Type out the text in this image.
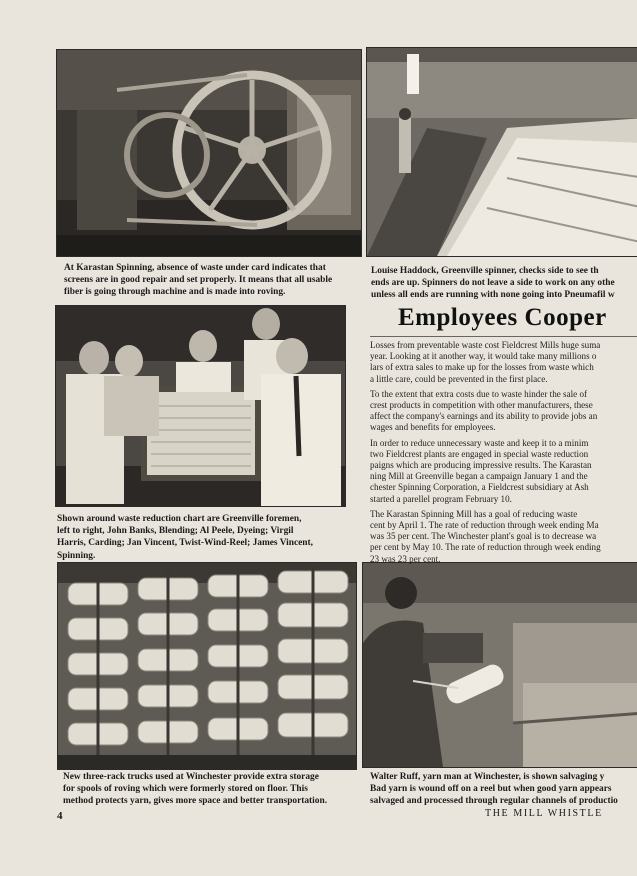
At Karastan Spinning, absence of waste under card indicates that
screens are in good repair and set properly. It means that all usable
fiber is going through machine and is made into roving.

Louise Haddock, Greenville spinner, checks side to see th
ends are up. Spinners do not leave a side to work on any othe
unless all ends are running with none going into Pneumafil w

Shown around waste reduction chart are Greenville foremen,
left to right, John Banks, Blending; Al Peele, Dyeing; Virgil
Harris, Carding; Jan Vincent, Twist-Wind-Reel; James Vincent,
Spinning.

New three-rack trucks used at Winchester provide extra storage
for spools of roving which were formerly stored on floor. This
method protects yarn, gives more space and better transportation.

Walter Ruff, yarn man at Winchester, is shown salvaging y
Bad yarn is wound off on a reel but when good yarn appears
salvaged and processed through regular channels of productio

Employees Cooper

Losses from preventable waste cost Fieldcrest Mills huge suma
year. Looking at it another way, it would take many millions o
lars of extra sales to make up for the losses from waste which
a little care, could be prevented in the first place.

To the extent that extra costs due to waste hinder the sale of
crest products in competition with other manufacturers, these
affect the company's earnings and its ability to provide jobs an
wages and benefits for employees.

In order to reduce unnecessary waste and keep it to a minim
two Fieldcrest plants are engaged in special waste reduction
paigns which are producing impressive results. The Karastan
ning Mill at Greenville began a campaign January 1 and the
chester Spinning Corporation, a Fieldcrest subsidiary at Ash
started a parellel program February 10.

The Karastan Spinning Mill has a goal of reducing waste
cent by April 1. The rate of reduction through week ending Ma
was 35 per cent. The Winchester plant's goal is to decrease wa
per cent by May 10. The rate of reduction through week ending
23 was 23 per cent.

4	THE MILL WHISTLE
